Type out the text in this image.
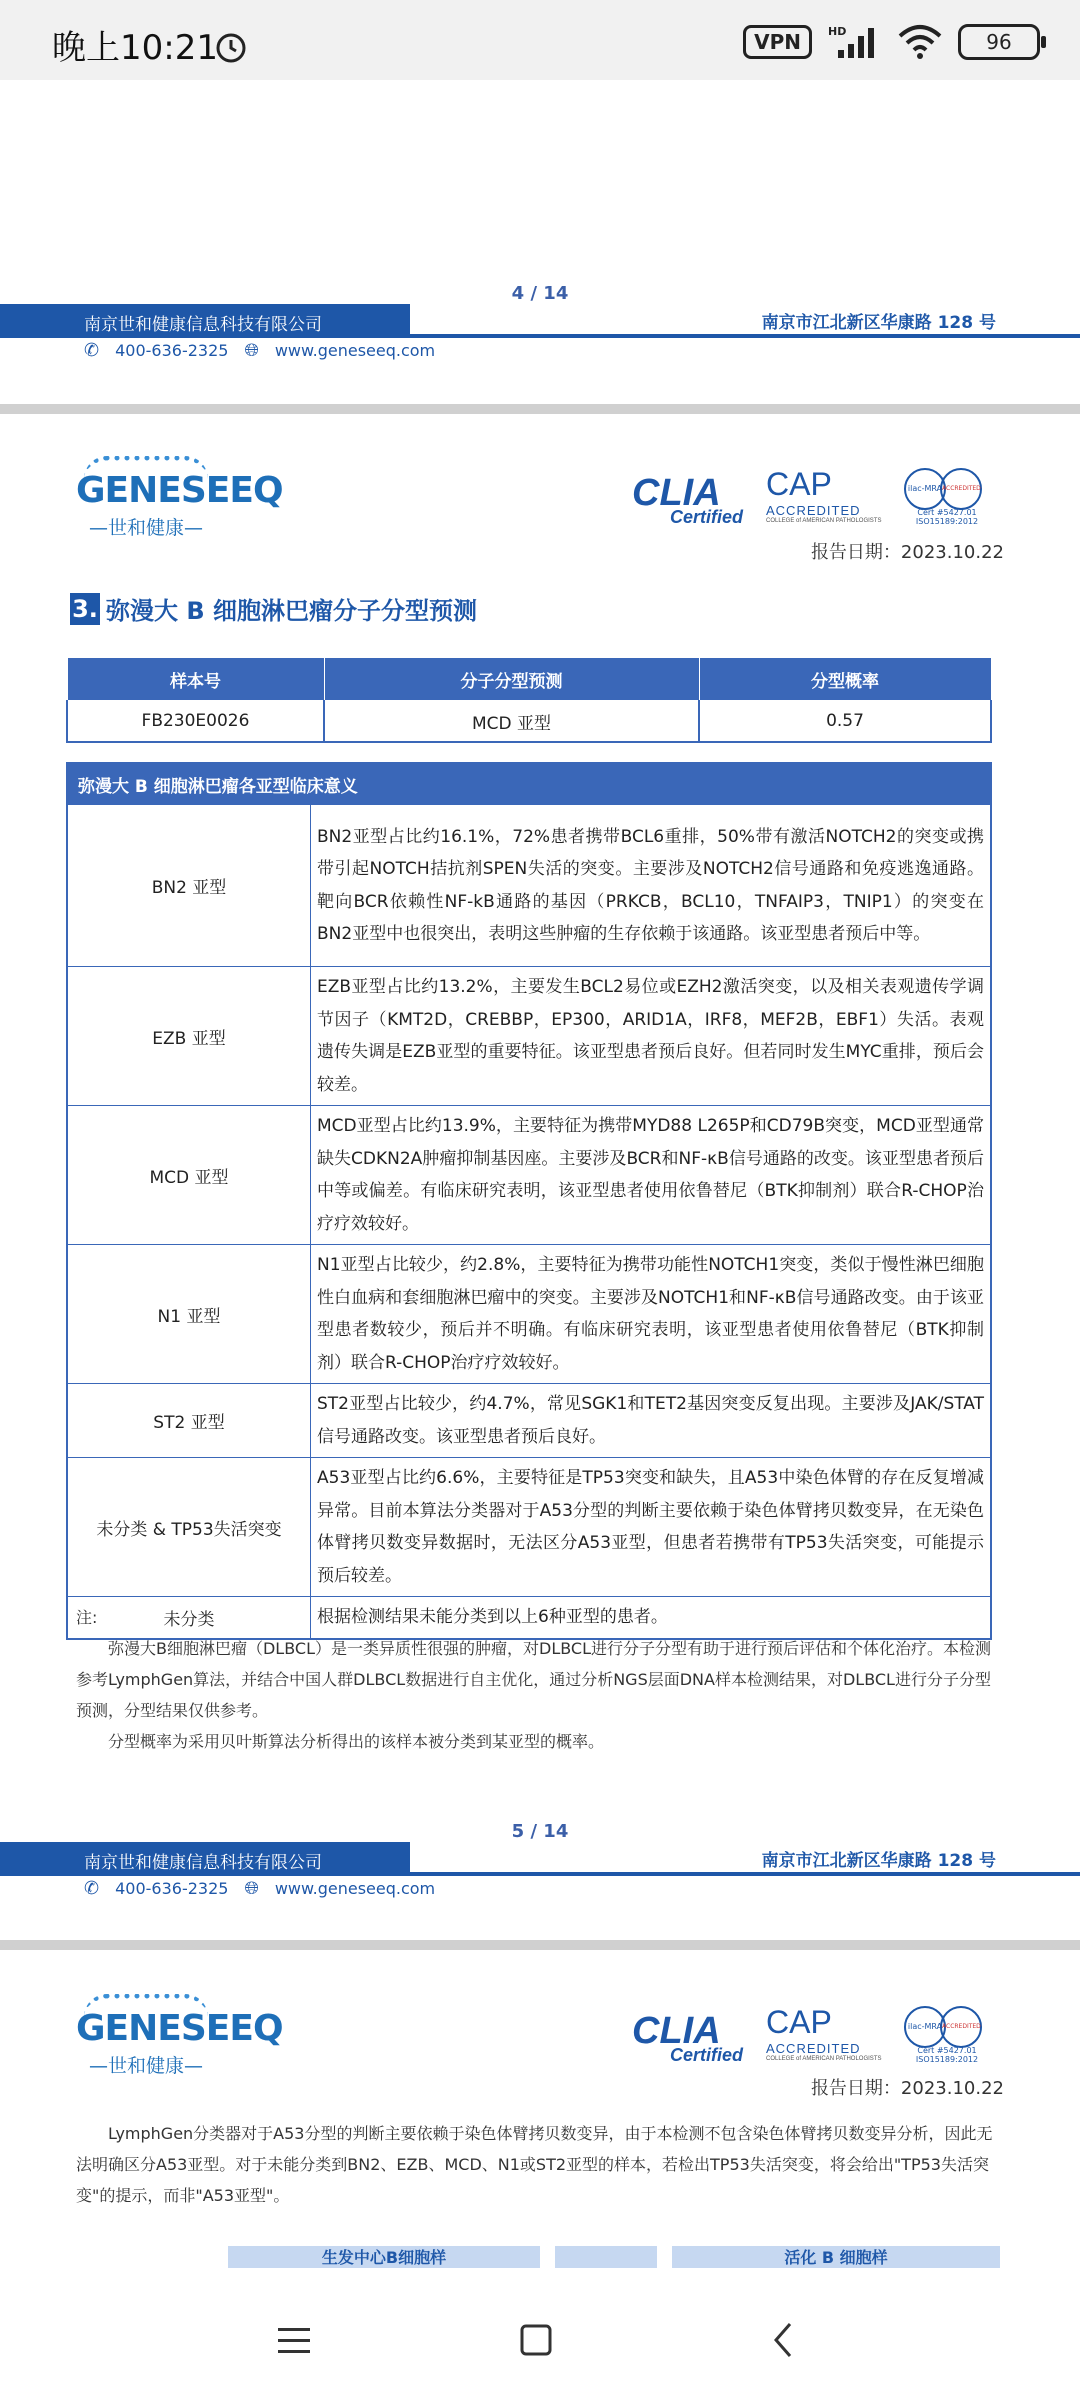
晚上10:21	VPN	HD	96
4 / 14
南京世和健康信息科技有限公司	南京市江北新区华康路 128 号
✆ 400-636-2325 🌐︎ www.geneseeq.com
GENESEEQ
—世和健康—
CLIA
Certified
CAP
ACCREDITED
COLLEGE of AMERICAN PATHOLOGISTS
ilac-MRA ACCREDITED
Cert #5427.01
ISO15189:2012
报告日期：2023.10.22
3. 弥漫大 B 细胞淋巴瘤分子分型预测
样本号	分子分型预测	分型概率
FB230E0026	MCD 亚型	0.57
弥漫大 B 细胞淋巴瘤各亚型临床意义	
BN2 亚型	BN2亚型占比约16.1%，72%患者携带BCL6重排，50%带有激活NOTCH2的突变或携带引起NOTCH拮抗剂SPEN失活的突变。主要涉及NOTCH2信号通路和免疫逃逸通路。靶向BCR依赖性NF-kB通路的基因（PRKCB，BCL10，TNFAIP3，TNIP1）的突变在BN2亚型中也很突出，表明这些肿瘤的生存依赖于该通路。该亚型患者预后中等。
EZB 亚型	EZB亚型占比约13.2%，主要发生BCL2易位或EZH2激活突变，以及相关表观遗传学调节因子（KMT2D，CREBBP，EP300，ARID1A，IRF8，MEF2B，EBF1）失活。表观遗传失调是EZB亚型的重要特征。该亚型患者预后良好。但若同时发生MYC重排，预后会较差。
MCD 亚型	MCD亚型占比约13.9%，主要特征为携带MYD88 L265P和CD79B突变，MCD亚型通常缺失CDKN2A肿瘤抑制基因座。主要涉及BCR和NF-κB信号通路的改变。该亚型患者预后中等或偏差。有临床研究表明，该亚型患者使用依鲁替尼（BTK抑制剂）联合R-CHOP治疗疗效较好。
N1 亚型	N1亚型占比较少，约2.8%，主要特征为携带功能性NOTCH1突变，类似于慢性淋巴细胞性白血病和套细胞淋巴瘤中的突变。主要涉及NOTCH1和NF-κB信号通路改变。由于该亚型患者数较少，预后并不明确。有临床研究表明，该亚型患者使用依鲁替尼（BTK抑制剂）联合R-CHOP治疗疗效较好。
ST2 亚型	ST2亚型占比较少，约4.7%，常见SGK1和TET2基因突变反复出现。主要涉及JAK/STAT信号通路改变。该亚型患者预后良好。
未分类 & TP53失活突变	A53亚型占比约6.6%，主要特征是TP53突变和缺失，且A53中染色体臂的存在反复增减异常。目前本算法分类器对于A53分型的判断主要依赖于染色体臂拷贝数变异，在无染色体臂拷贝数变异数据时，无法区分A53亚型，但患者若携带有TP53失活突变，可能提示预后较差。
未分类	根据检测结果未能分类到以上6种亚型的患者。

注:

弥漫大B细胞淋巴瘤（DLBCL）是一类异质性很强的肿瘤，对DLBCL进行分子分型有助于进行预后评估和个体化治疗。本检测参考LymphGen算法，并结合中国人群DLBCL数据进行自主优化，通过分析NGS层面DNA样本检测结果，对DLBCL进行分子分型预测，分型结果仅供参考。

分型概率为采用贝叶斯算法分析得出的该样本被分类到某亚型的概率。

5 / 14
南京世和健康信息科技有限公司	南京市江北新区华康路 128 号
✆ 400-636-2325 🌐︎ www.geneseeq.com
GENESEEQ
—世和健康—
CLIA
Certified
CAP
ACCREDITED
COLLEGE of AMERICAN PATHOLOGISTS
ilac-MRA ACCREDITED
Cert #5427.01
ISO15189:2012
报告日期：2023.10.22
LymphGen分类器对于A53分型的判断主要依赖于染色体臂拷贝数变异，由于本检测不包含染色体臂拷贝数变异分析，因此无法明确区分A53亚型。对于未能分类到BN2、EZB、MCD、N1或ST2亚型的样本，若检出TP53失活突变，将会给出"TP53失活突变"的提示，而非"A53亚型"。
生发中心B细胞样	活化 B 细胞样
